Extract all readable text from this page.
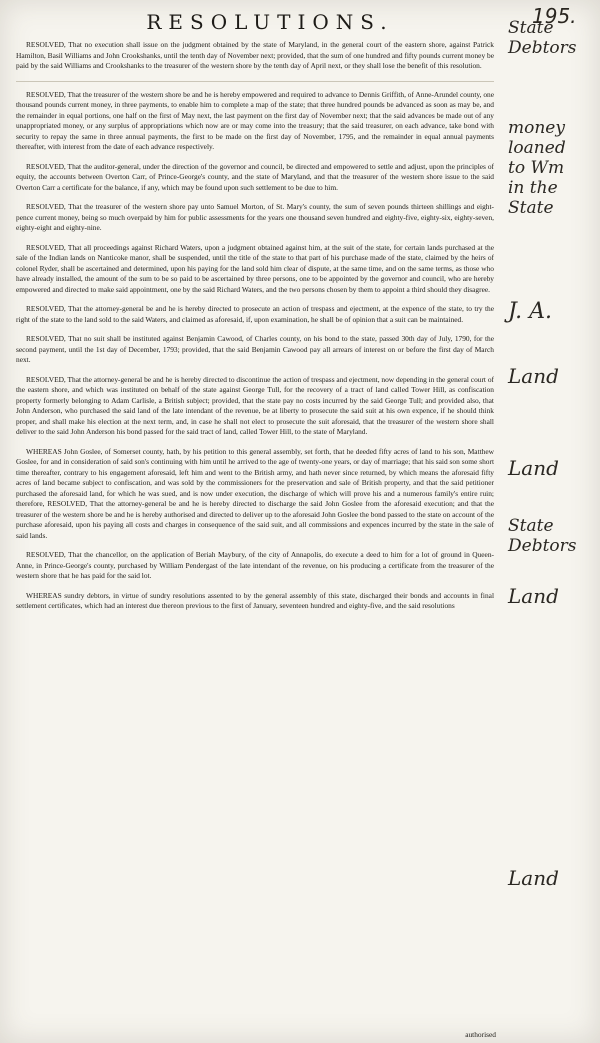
RESOLUTIONS.	195.

RESOLVED, That no execution shall issue on the judgment obtained by the state of Maryland, in the general court of the eastern shore, against Patrick Hamilton, Basil Williams and John Crookshanks, until the tenth day of November next; provided, that the sum of one hundred and fifty pounds current money be paid by the said Williams and Crookshanks to the treasurer of the western shore by the tenth day of April next, or they shall lose the benefit of this resolution.

RESOLVED, That the treasurer of the western shore be and he is hereby empowered and required to advance to Dennis Griffith, of Anne-Arundel county, one thousand pounds current money, in three payments, to enable him to complete a map of the state; that three hundred pounds be advanced as soon as may be, and the remainder in equal portions, one half on the first of May next, the last payment on the first day of November next; that the said advances be made out of any unappropriated money, or any surplus of appropriations which now are or may come into the treasury; that the said treasurer, on each advance, take bond with security to repay the same in three annual payments, the first to be made on the first day of November, 1795, and the remainder in equal annual payments thereafter, with interest from the date of each advance respectively.

RESOLVED, That the auditor-general, under the direction of the governor and council, be directed and empowered to settle and adjust, upon the principles of equity, the accounts between Overton Carr, of Prince-George's county, and the state of Maryland, and that the treasurer of the western shore issue to the said Overton Carr a certificate for the balance, if any, which may be found upon such settlement to be due to him.

RESOLVED, That the treasurer of the western shore pay unto Samuel Morton, of St. Mary's county, the sum of seven pounds thirteen shillings and eight-pence current money, being so much overpaid by him for public assessments for the years one thousand seven hundred and eighty-five, eighty-six, eighty-seven, eighty-eight and eighty-nine.

RESOLVED, That all proceedings against Richard Waters, upon a judgment obtained against him, at the suit of the state, for certain lands purchased at the sale of the Indian lands on Nanticoke manor, shall be suspended, until the title of the state to that part of his purchase made of the state, claimed by the heirs of colonel Ryder, shall be ascertained and determined, upon his paying for the land sold him clear of dispute, at the same time, and on the same terms, as those who have already installed, the amount of the sum to be so paid to be ascertained by three persons, one to be appointed by the governor and council, who are hereby empowered and directed to make said appointment, one by the said Richard Waters, and the two persons chosen by them to appoint a third should they disagree.

RESOLVED, That the attorney-general be and he is hereby directed to prosecute an action of trespass and ejectment, at the expence of the state, to try the right of the state to the land sold to the said Waters, and claimed as aforesaid, if, upon examination, he shall be of opinion that a suit can be maintained.

RESOLVED, That no suit shall be instituted against Benjamin Cawood, of Charles county, on his bond to the state, passed 30th day of July, 1790, for the second payment, until the 1st day of December, 1793; provided, that the said Benjamin Cawood pay all arrears of interest on or before the first day of March next.

RESOLVED, That the attorney-general be and he is hereby directed to discontinue the action of trespass and ejectment, now depending in the general court of the eastern shore, and which was instituted on behalf of the state against George Tull, for the recovery of a tract of land called Tower Hill, as confiscation property formerly belonging to Adam Carlisle, a British subject; provided, that the state pay no costs incurred by the said George Tull; and provided also, that John Anderson, who purchased the said land of the late intendant of the revenue, be at liberty to prosecute the said suit at his own expence, if he should think proper, and shall make his election at the next term, and, in case he shall not elect to prosecute the suit aforesaid, that the treasurer of the western shore shall deliver to the said John Anderson his bond passed for the said tract of land, called Tower Hill, to the state of Maryland.

WHEREAS John Goslee, of Somerset county, hath, by his petition to this general assembly, set forth, that he deeded fifty acres of land to his son, Matthew Goslee, for and in consideration of said son's continuing with him until he arrived to the age of twenty-one years, or day of marriage; that his said son some short time thereafter, contrary to his engagement aforesaid, left him and went to the British army, and hath never since returned, by which means the aforesaid fifty acres of land became subject to confiscation, and was sold by the commissioners for the preservation and sale of British property, and that the said petitioner purchased the aforesaid land, for which he was sued, and is now under execution, the discharge of which will prove his and a numerous family's entire ruin; therefore, RESOLVED, That the attorney-general be and he is hereby directed to discharge the said John Goslee from the aforesaid execution; and that the treasurer of the western shore be and he is hereby authorised and directed to deliver up to the aforesaid John Goslee the bond passed to the state on account of the purchase aforesaid, upon his paying all costs and charges in consequence of the said suit, and all commissions and expences incurred by the state in the sale of said lands.

RESOLVED, That the chancellor, on the application of Beriah Maybury, of the city of Annapolis, do execute a deed to him for a lot of ground in Queen-Anne, in Prince-George's county, purchased by William Pendergast of the late intendant of the revenue, on his producing a certificate from the treasurer of the western shore that he has paid for the said lot.

WHEREAS sundry debtors, in virtue of sundry resolutions assented to by the general assembly of this state, discharged their bonds and accounts in final settlement certificates, which had an interest due thereon previous to the first of January, seventeen hundred and eighty-five, and the said resolutions

authorised
State
Debtors
money
loaned
to Wm
in the
State
J. A.
Land
Land
State
Debtors
Land
Land
